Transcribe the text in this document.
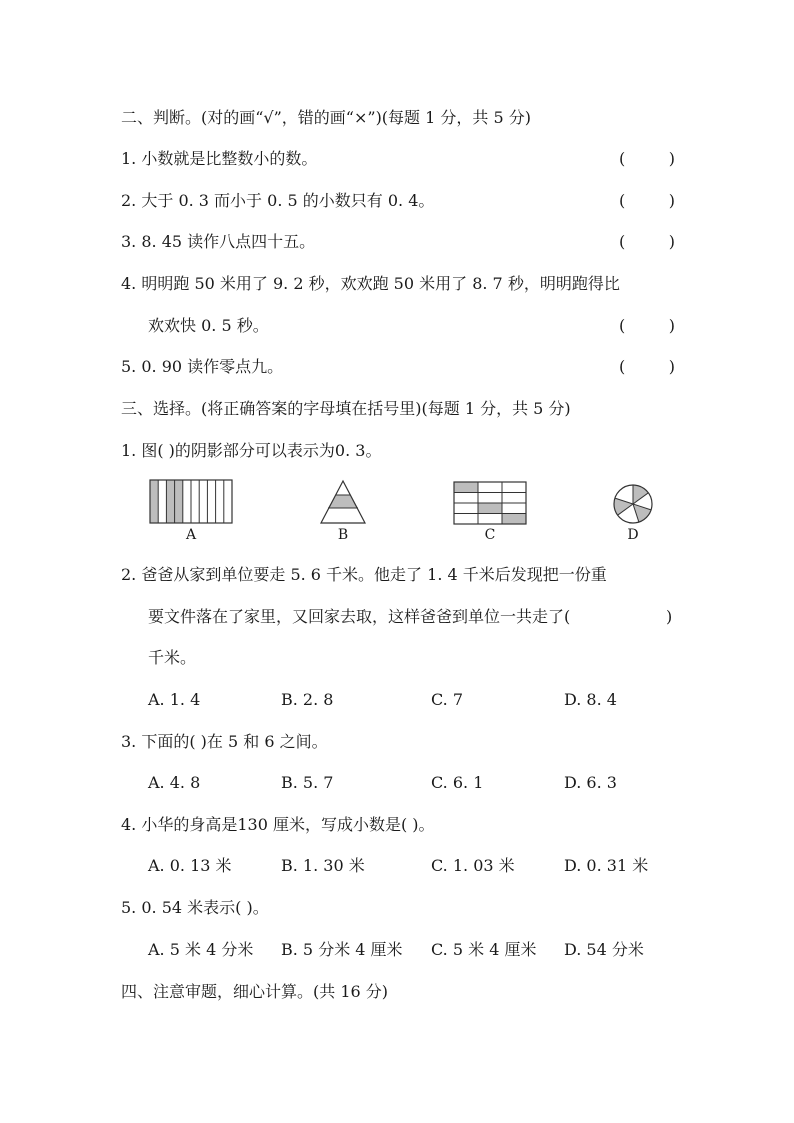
二、判断。(对的画“√”，错的画“×”)(每题 1 分，共 5 分)
1. 小数就是比整数小的数。	(	)
2. 大于 0. 3 而小于 0. 5 的小数只有 0. 4。	(	)
3. 8. 45 读作八点四十五。	(	)
4. 明明跑 50 米用了 9. 2 秒，欢欢跑 50 米用了 8. 7 秒，明明跑得比
欢欢快 0. 5 秒。	(	)
5. 0. 90 读作零点九。	(	)
三、选择。(将正确答案的字母填在括号里)(每题 1 分，共 5 分)
1. 图( )的阴影部分可以表示为0. 3。
A	B	C	D
2. 爸爸从家到单位要走 5. 6 千米。他走了 1. 4 千米后发现把一份重
要文件落在了家里，又回家去取，这样爸爸到单位一共走了(	)
千米。
A. 1. 4	B. 2. 8	C. 7	D. 8. 4
3. 下面的( )在 5 和 6 之间。
A. 4. 8	B. 5. 7	C. 6. 1	D. 6. 3
4. 小华的身高是130 厘米，写成小数是( )。
A. 0. 13 米	B. 1. 30 米	C. 1. 03 米	D. 0. 31 米
5. 0. 54 米表示( )。
A. 5 米 4 分米 B. 5 分米 4 厘米 C. 5 米 4 厘米 D. 54 分米
四、注意审题，细心计算。(共 16 分)
